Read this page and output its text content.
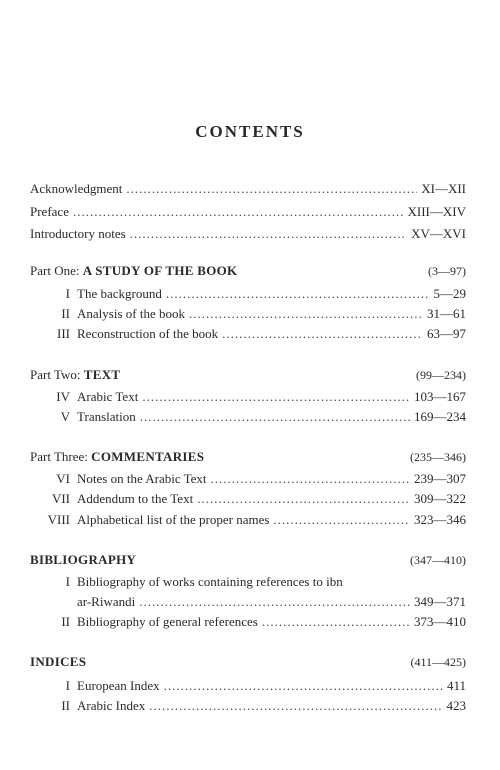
CONTENTS
Acknowledgment .....	XI—XII
Preface .....	XIII—XIV
Introductory notes .....	XV—XVI
Part One: A STUDY OF THE BOOK	(3—97)
I The background .....	5—29
II Analysis of the book .....	31—61
III Reconstruction of the book .....	63—97
Part Two: TEXT	(99—234)
IV Arabic Text .....	103—167
V Translation .....	169—234
Part Three: COMMENTARIES	(235—346)
VI Notes on the Arabic Text .....	239—307
VII Addendum to the Text .....	309—322
VIII Alphabetical list of the proper names .....	323—346
BIBLIOGRAPHY	(347—410)
I Bibliography of works containing references to ibn
ar-Riwandi .....	349—371
II Bibliography of general references .....	373—410
INDICES	(411—425)
I European Index .....	411
II Arabic Index .....	423
